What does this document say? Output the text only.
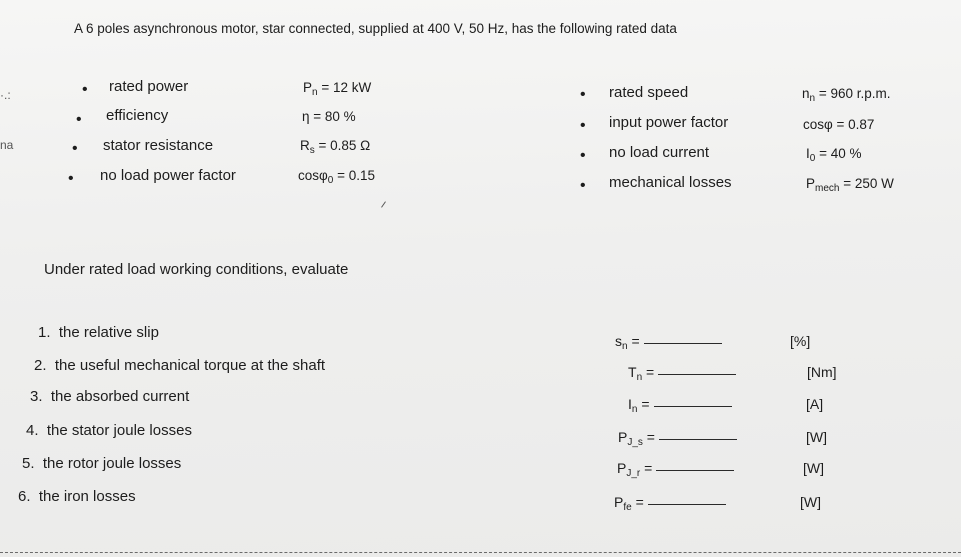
A 6 poles asynchronous motor, star connected, supplied at 400 V, 50 Hz, has the following rated data
·.:
na
• rated power	$P_n = 12$ kW
• efficiency	η = 80 %
• stator resistance	$R_s = 0.85$ Ω
• no load power factor	cosφ$_0$ = 0.15
• rated speed	$n_n = 960$ r.p.m.
• input power factor	cosφ = 0.87
• no load current	$I_0 = 40$ %
• mechanical losses	$P_{mech} = 250$ W
Under rated load working conditions, evaluate
1. the relative slip
2. the useful mechanical torque at the shaft
3. the absorbed current
4. the stator joule losses
5. the rotor joule losses
6. the iron losses
$s_n$ =	[%]
$T_n$ =	[Nm]
$I_n$ =	[A]
$P_{J\_s}$ =	[W]
$P_{J\_r}$ =	[W]
$P_{fe}$ =	[W]
